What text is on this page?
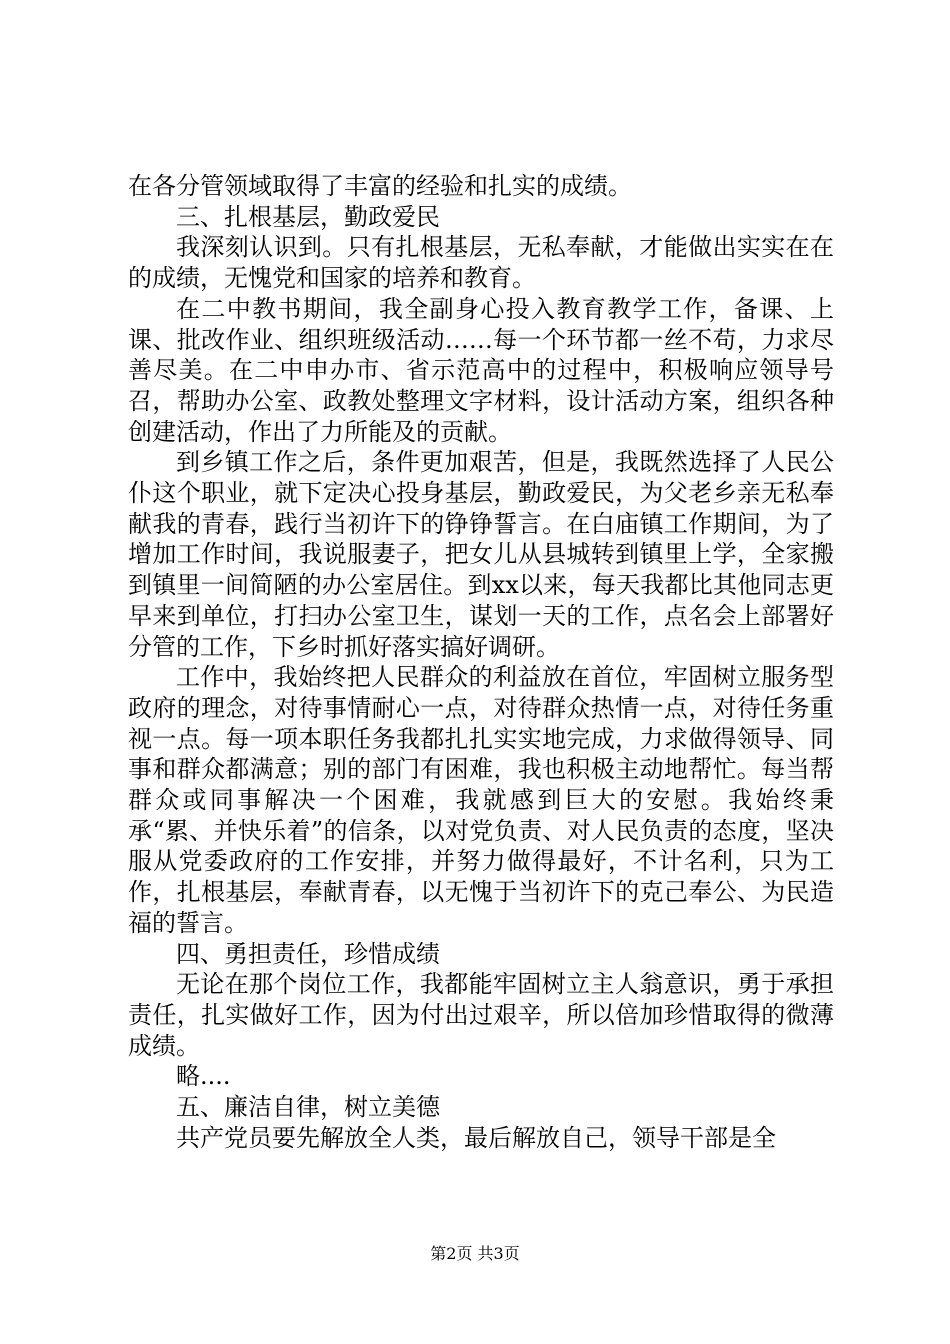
在各分管领域取得了丰富的经验和扎实的成绩。

三、扎根基层，勤政爱民

我深刻认识到。只有扎根基层，无私奉献，才能做出实实在在的成绩，无愧党和国家的培养和教育。

在二中教书期间，我全副身心投入教育教学工作，备课、上课、批改作业、组织班级活动……每一个环节都一丝不苟，力求尽善尽美。在二中申办市、省示范高中的过程中，积极响应领导号召，帮助办公室、政教处整理文字材料，设计活动方案，组织各种创建活动，作出了力所能及的贡献。

到乡镇工作之后，条件更加艰苦，但是，我既然选择了人民公仆这个职业，就下定决心投身基层，勤政爱民，为父老乡亲无私奉献我的青春，践行当初许下的铮铮誓言。在白庙镇工作期间，为了增加工作时间，我说服妻子，把女儿从县城转到镇里上学，全家搬到镇里一间简陋的办公室居住。到xx以来，每天我都比其他同志更早来到单位，打扫办公室卫生，谋划一天的工作，点名会上部署好分管的工作，下乡时抓好落实搞好调研。

工作中，我始终把人民群众的利益放在首位，牢固树立服务型政府的理念，对待事情耐心一点，对待群众热情一点，对待任务重视一点。每一项本职任务我都扎扎实实地完成，力求做得领导、同事和群众都满意；别的部门有困难，我也积极主动地帮忙。每当帮群众或同事解决一个困难，我就感到巨大的安慰。我始终秉承“累、并快乐着”的信条，以对党负责、对人民负责的态度，坚决服从党委政府的工作安排，并努力做得最好，不计名利，只为工作，扎根基层，奉献青春，以无愧于当初许下的克己奉公、为民造福的誓言。

四、勇担责任，珍惜成绩

无论在那个岗位工作，我都能牢固树立主人翁意识，勇于承担责任，扎实做好工作，因为付出过艰辛，所以倍加珍惜取得的微薄成绩。

略....

五、廉洁自律，树立美德

共产党员要先解放全人类，最后解放自己，领导干部是全

第2页 共3页
